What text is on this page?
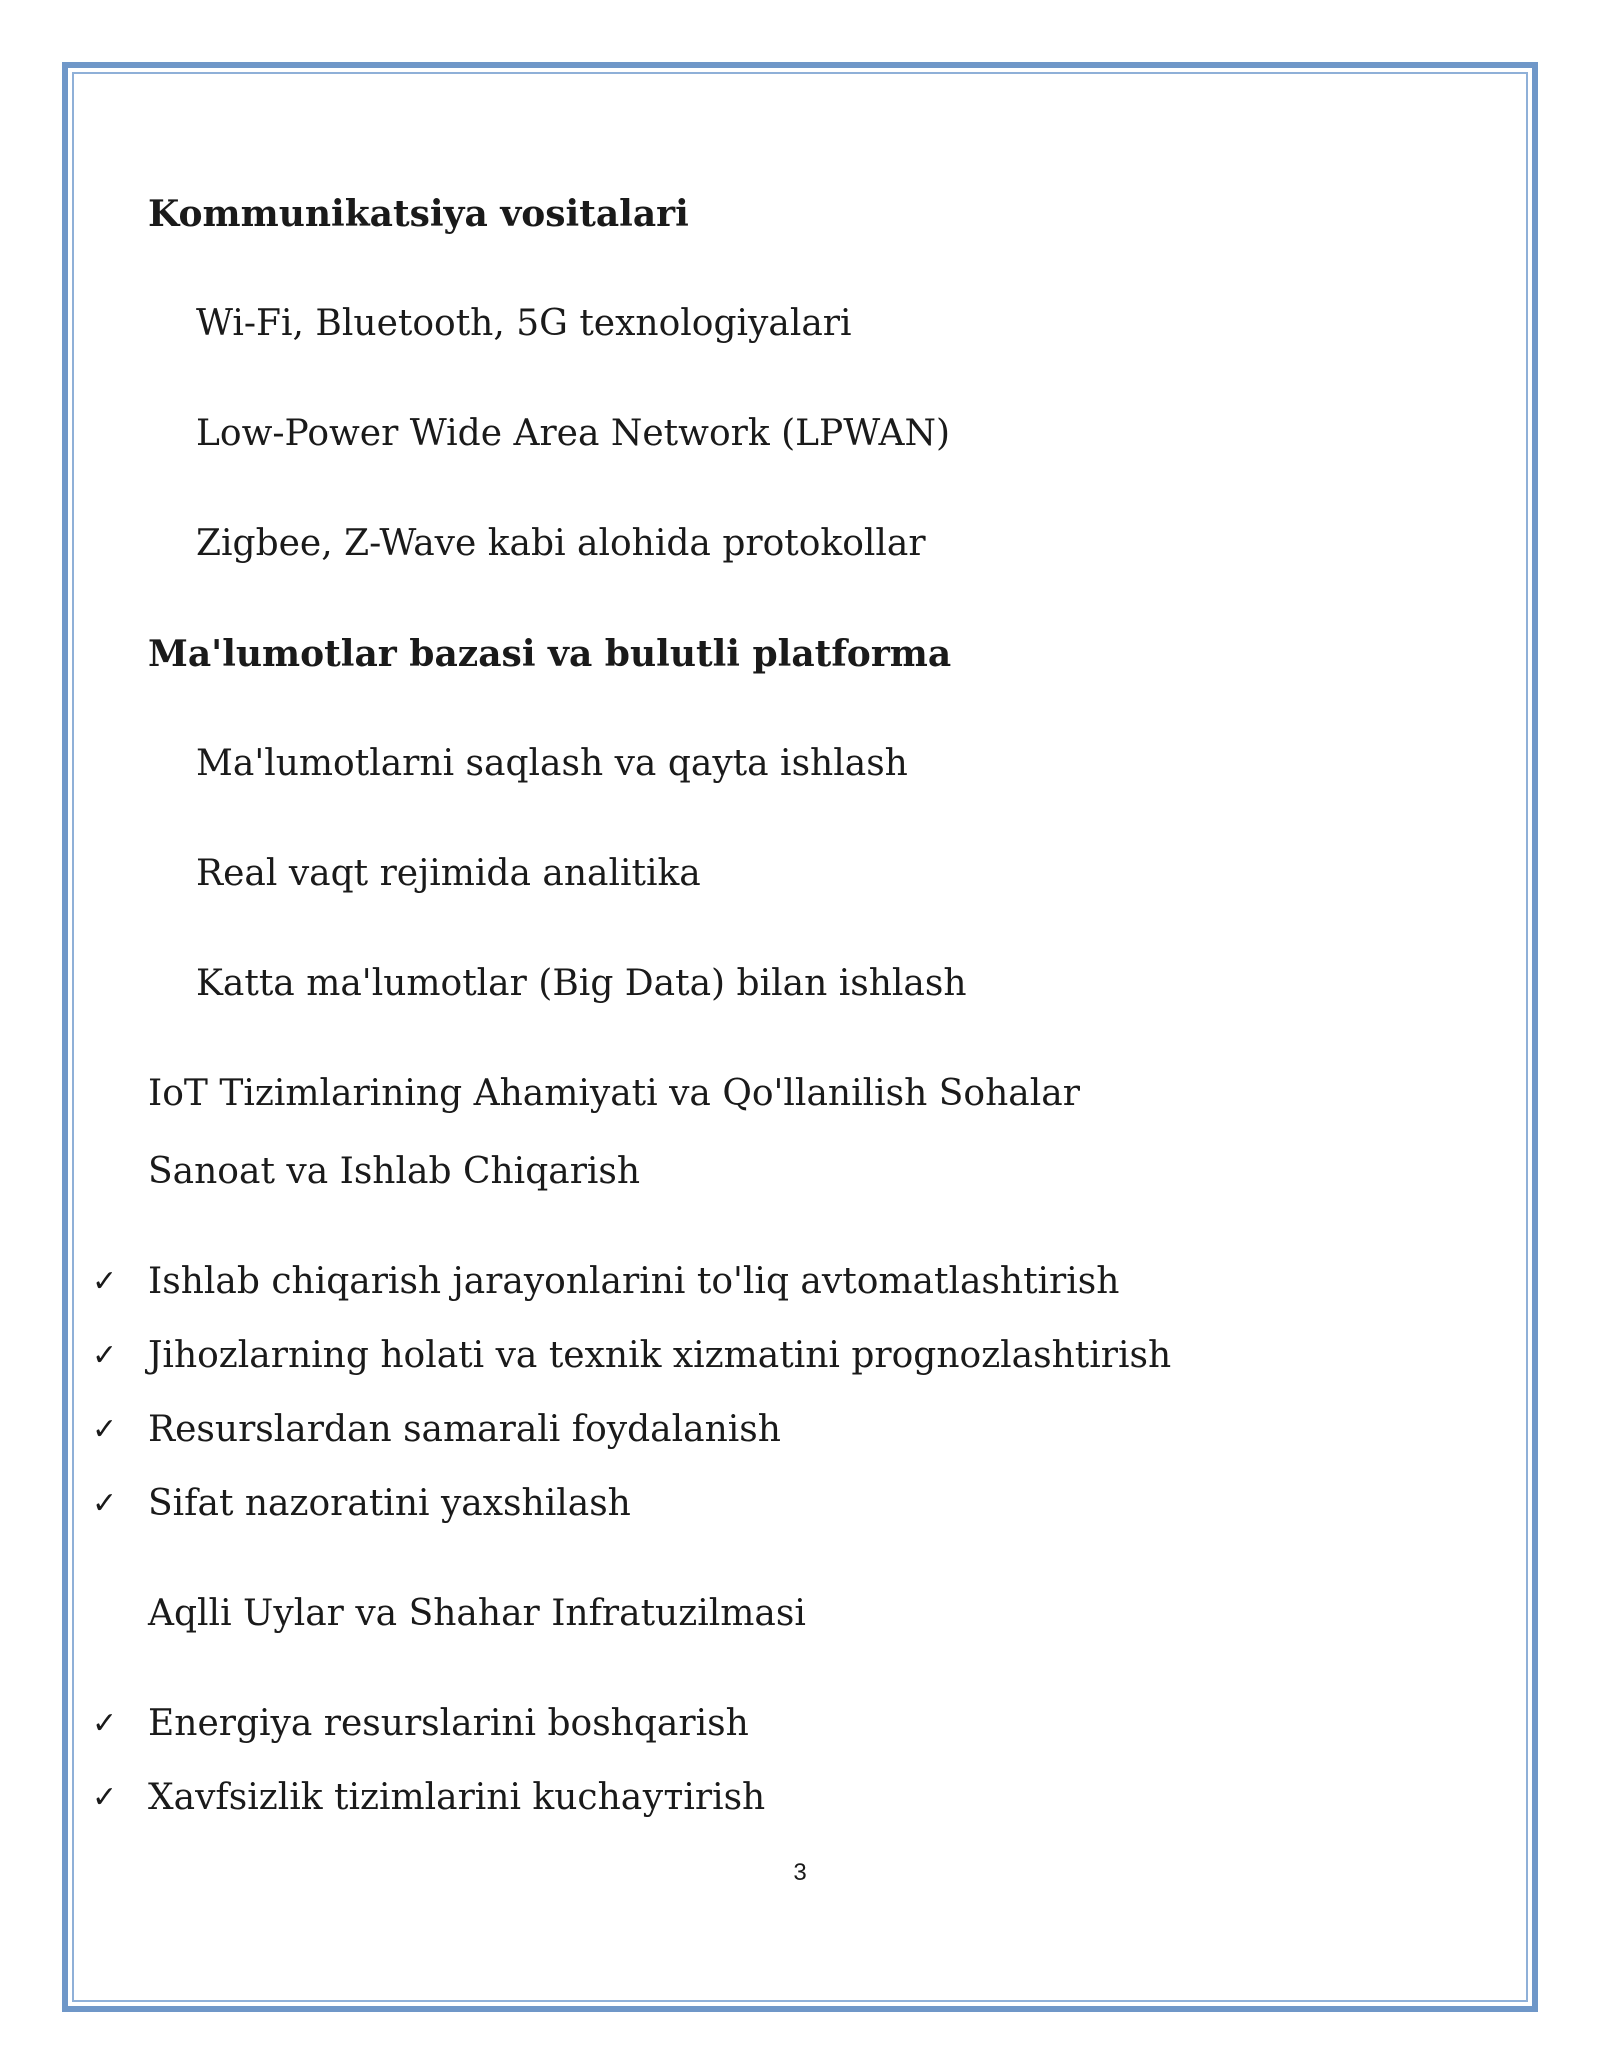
Kommunikatsiya vositalari

Wi-Fi, Bluetooth, 5G texnologiyalari

Low-Power Wide Area Network (LPWAN)

Zigbee, Z-Wave kabi alohida protokollar

Ma'lumotlar bazasi va bulutli platforma

Ma'lumotlarni saqlash va qayta ishlash

Real vaqt rejimida analitika

Katta ma'lumotlar (Big Data) bilan ishlash

IoT Tizimlarining Ahamiyati va Qo'llanilish Sohalar

Sanoat va Ishlab Chiqarish

✓ Ishlab chiqarish jarayonlarini to'liq avtomatlashtirish
✓ Jihozlarning holati va texnik xizmatini prognozlashtirish
✓ Resurslardan samarali foydalanish
✓ Sifat nazoratini yaxshilash

Aqlli Uylar va Shahar Infratuzilmasi

✓ Energiya resurslarini boshqarish
✓ Xavfsizlik tizimlarini kuchaутirish
3
